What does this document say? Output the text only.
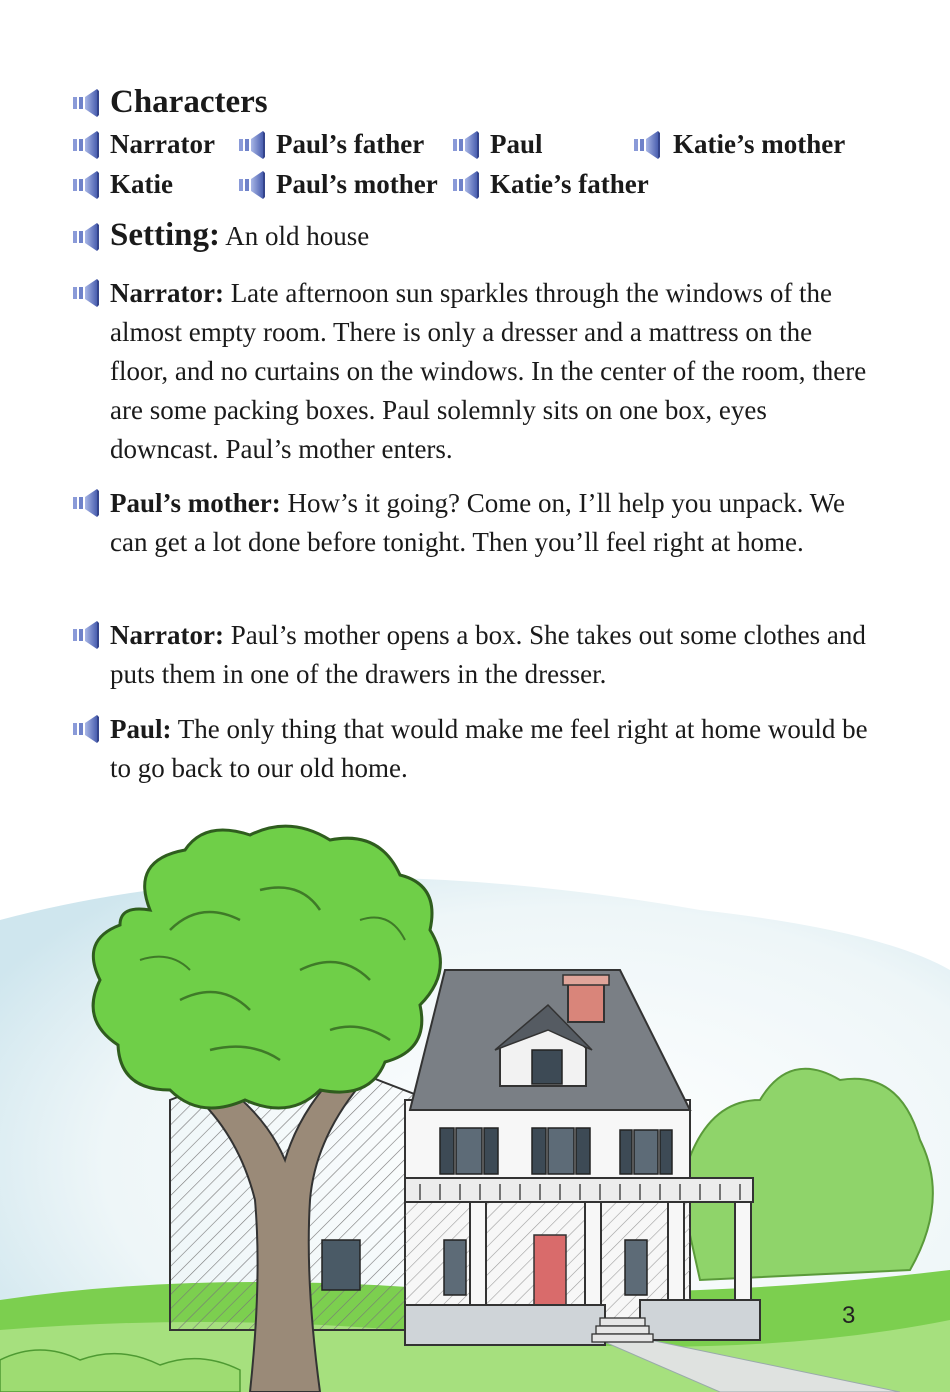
Characters
Narrator Paul’s father Paul	Katie’s mother
Katie	Paul’s mother Katie’s father
Setting: An old house
Narrator: Late afternoon sun sparkles through the windows of the almost empty room. There is only a dresser and a mattress on the floor, and no curtains on the windows. In the center of the room, there are some packing boxes. Paul solemnly sits on one box, eyes downcast. Paul’s mother enters.
Paul’s mother: How’s it going? Come on, I’ll help you unpack. We can get a lot done before tonight. Then you’ll feel right at home.
Narrator: Paul’s mother opens a box. She takes out some clothes and puts them in one of the drawers in the dresser.
Paul: The only thing that would make me feel right at home would be to go back to our old home.
3
